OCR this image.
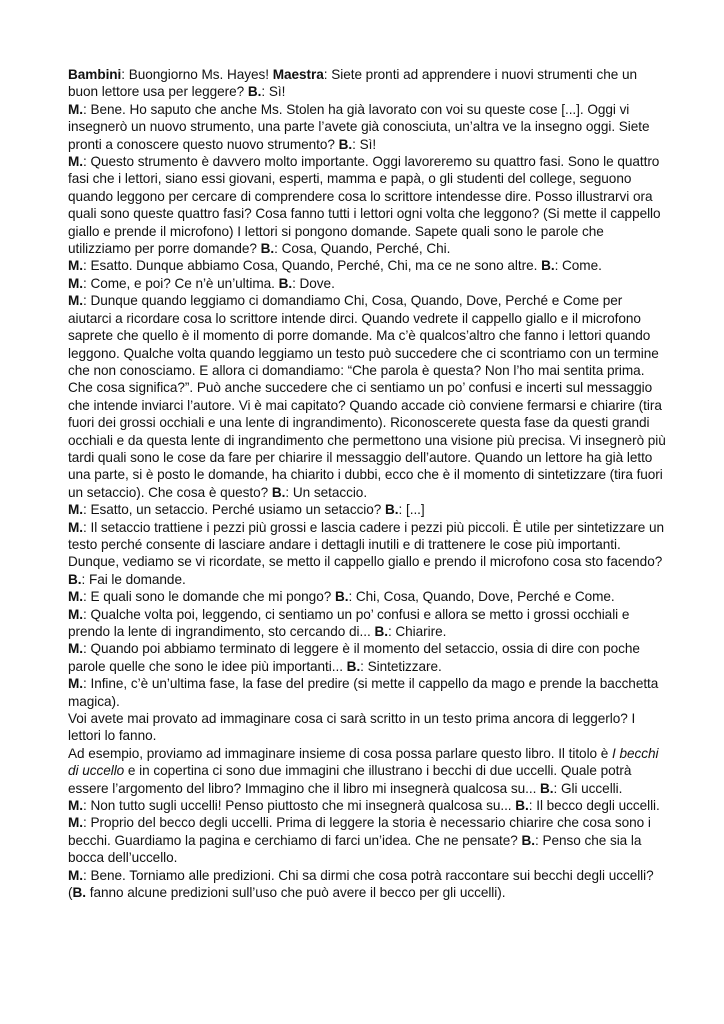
Bambini: Buongiorno Ms. Hayes! Maestra: Siete pronti ad apprendere i nuovi strumenti che un buon lettore usa per leggere? B.: Sì!

M.: Bene. Ho saputo che anche Ms. Stolen ha già lavorato con voi su queste cose [...]. Oggi vi insegnerò un nuovo strumento, una parte l’avete già conosciuta, un’altra ve la insegno oggi. Siete pronti a conoscere questo nuovo strumento? B.: Sì!

M.: Questo strumento è davvero molto importante. Oggi lavoreremo su quattro fasi. Sono le quattro fasi che i lettori, siano essi giovani, esperti, mamma e papà, o gli studenti del college, seguono quando leggono per cercare di comprendere cosa lo scrittore intendesse dire. Posso illustrarvi ora quali sono queste quattro fasi? Cosa fanno tutti i lettori ogni volta che leggono? (Si mette il cappello giallo e prende il microfono) I lettori si pongono domande. Sapete quali sono le parole che utilizziamo per porre domande? B.: Cosa, Quando, Perché, Chi.

M.: Esatto. Dunque abbiamo Cosa, Quando, Perché, Chi, ma ce ne sono altre. B.: Come.

M.: Come, e poi? Ce n’è un’ultima. B.: Dove.

M.: Dunque quando leggiamo ci domandiamo Chi, Cosa, Quando, Dove, Perché e Come per aiutarci a ricordare cosa lo scrittore intende dirci. Quando vedrete il cappello giallo e il microfono saprete che quello è il momento di porre domande. Ma c’è qualcos’altro che fanno i lettori quando leggono. Qualche volta quando leggiamo un testo può succedere che ci scontriamo con un termine che non conosciamo. E allora ci domandiamo: “Che parola è questa? Non l’ho mai sentita prima. Che cosa significa?”. Può anche succedere che ci sentiamo un po’ confusi e incerti sul messaggio che intende inviarci l’autore. Vi è mai capitato? Quando accade ciò conviene fermarsi e chiarire (tira fuori dei grossi occhiali e una lente di ingrandimento). Riconoscerete questa fase da questi grandi occhiali e da questa lente di ingrandimento che permettono una visione più precisa. Vi insegnerò più tardi quali sono le cose da fare per chiarire il messaggio dell’autore. Quando un lettore ha già letto una parte, si è posto le domande, ha chiarito i dubbi, ecco che è il momento di sintetizzare (tira fuori un setaccio). Che cosa è questo? B.: Un setaccio.

M.: Esatto, un setaccio. Perché usiamo un setaccio? B.: [...]

M.: Il setaccio trattiene i pezzi più grossi e lascia cadere i pezzi più piccoli. È utile per sintetizzare un testo perché consente di lasciare andare i dettagli inutili e di trattenere le cose più importanti. Dunque, vediamo se vi ricordate, se metto il cappello giallo e prendo il microfono cosa sto facendo? B.: Fai le domande.

M.: E quali sono le domande che mi pongo? B.: Chi, Cosa, Quando, Dove, Perché e Come.

M.: Qualche volta poi, leggendo, ci sentiamo un po’ confusi e allora se metto i grossi occhiali e prendo la lente di ingrandimento, sto cercando di... B.: Chiarire.

M.: Quando poi abbiamo terminato di leggere è il momento del setaccio, ossia di dire con poche parole quelle che sono le idee più importanti... B.: Sintetizzare.

M.: Infine, c’è un’ultima fase, la fase del predire (si mette il cappello da mago e prende la bacchetta magica).

Voi avete mai provato ad immaginare cosa ci sarà scritto in un testo prima ancora di leggerlo? I lettori lo fanno.

Ad esempio, proviamo ad immaginare insieme di cosa possa parlare questo libro. Il titolo è I becchi di uccello e in copertina ci sono due immagini che illustrano i becchi di due uccelli. Quale potrà essere l’argomento del libro? Immagino che il libro mi insegnerà qualcosa su... B.: Gli uccelli.

M.: Non tutto sugli uccelli! Penso piuttosto che mi insegnerà qualcosa su... B.: Il becco degli uccelli.

M.: Proprio del becco degli uccelli. Prima di leggere la storia è necessario chiarire che cosa sono i becchi. Guardiamo la pagina e cerchiamo di farci un’idea. Che ne pensate? B.: Penso che sia la bocca dell’uccello.

M.: Bene. Torniamo alle predizioni. Chi sa dirmi che cosa potrà raccontare sui becchi degli uccelli? (B. fanno alcune predizioni sull’uso che può avere il becco per gli uccelli).
